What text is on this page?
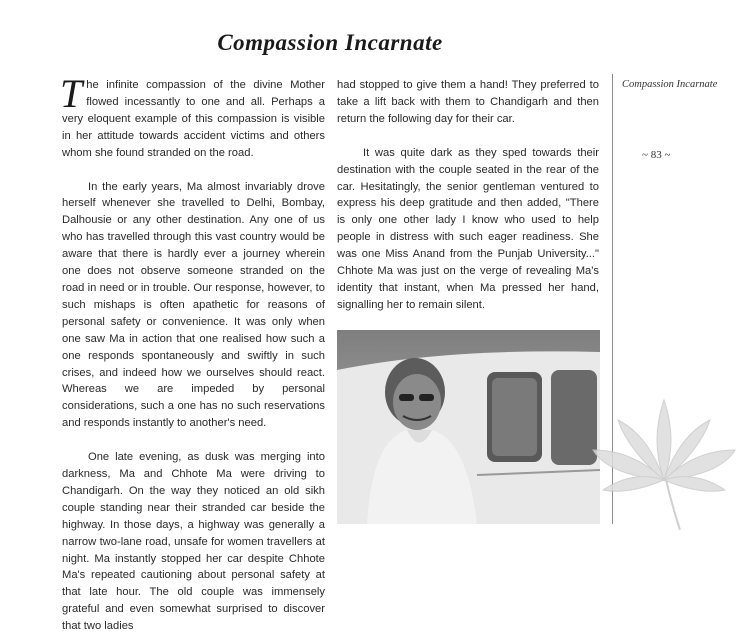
Compassion Incarnate

The infinite compassion of the divine Mother flowed incessantly to one and all. Perhaps a very eloquent example of this compassion is visible in her attitude towards accident victims and others whom she found stranded on the road.

In the early years, Ma almost invariably drove herself whenever she travelled to Delhi, Bombay, Dalhousie or any other destination. Any one of us who has travelled through this vast country would be aware that there is hardly ever a journey wherein one does not observe someone stranded on the road in need or in trouble. Our response, however, to such mishaps is often apathetic for reasons of personal safety or convenience. It was only when one saw Ma in action that one realised how such a one responds spontaneously and swiftly in such crises, and indeed how we ourselves should react. Whereas we are impeded by personal considerations, such a one has no such reservations and responds instantly to another's need.

One late evening, as dusk was merging into darkness, Ma and Chhote Ma were driving to Chandigarh. On the way they noticed an old sikh couple standing near their stranded car beside the highway. In those days, a highway was generally a narrow two-lane road, unsafe for women travellers at night. Ma instantly stopped her car despite Chhote Ma's repeated cautioning about personal safety at that late hour. The old couple was immensely grateful and even somewhat surprised to discover that two ladies

had stopped to give them a hand! They preferred to take a lift back with them to Chandigarh and then return the following day for their car.

It was quite dark as they sped towards their destination with the couple seated in the rear of the car. Hesitatingly, the senior gentleman ventured to express his deep gratitude and then added, "There is only one other lady I know who used to help people in distress with such eager readiness. She was one Miss Anand from the Punjab University..." Chhote Ma was just on the verge of revealing Ma's identity that instant, when Ma pressed her hand, signalling her to remain silent.

Compassion Incarnate
~ 83 ~
